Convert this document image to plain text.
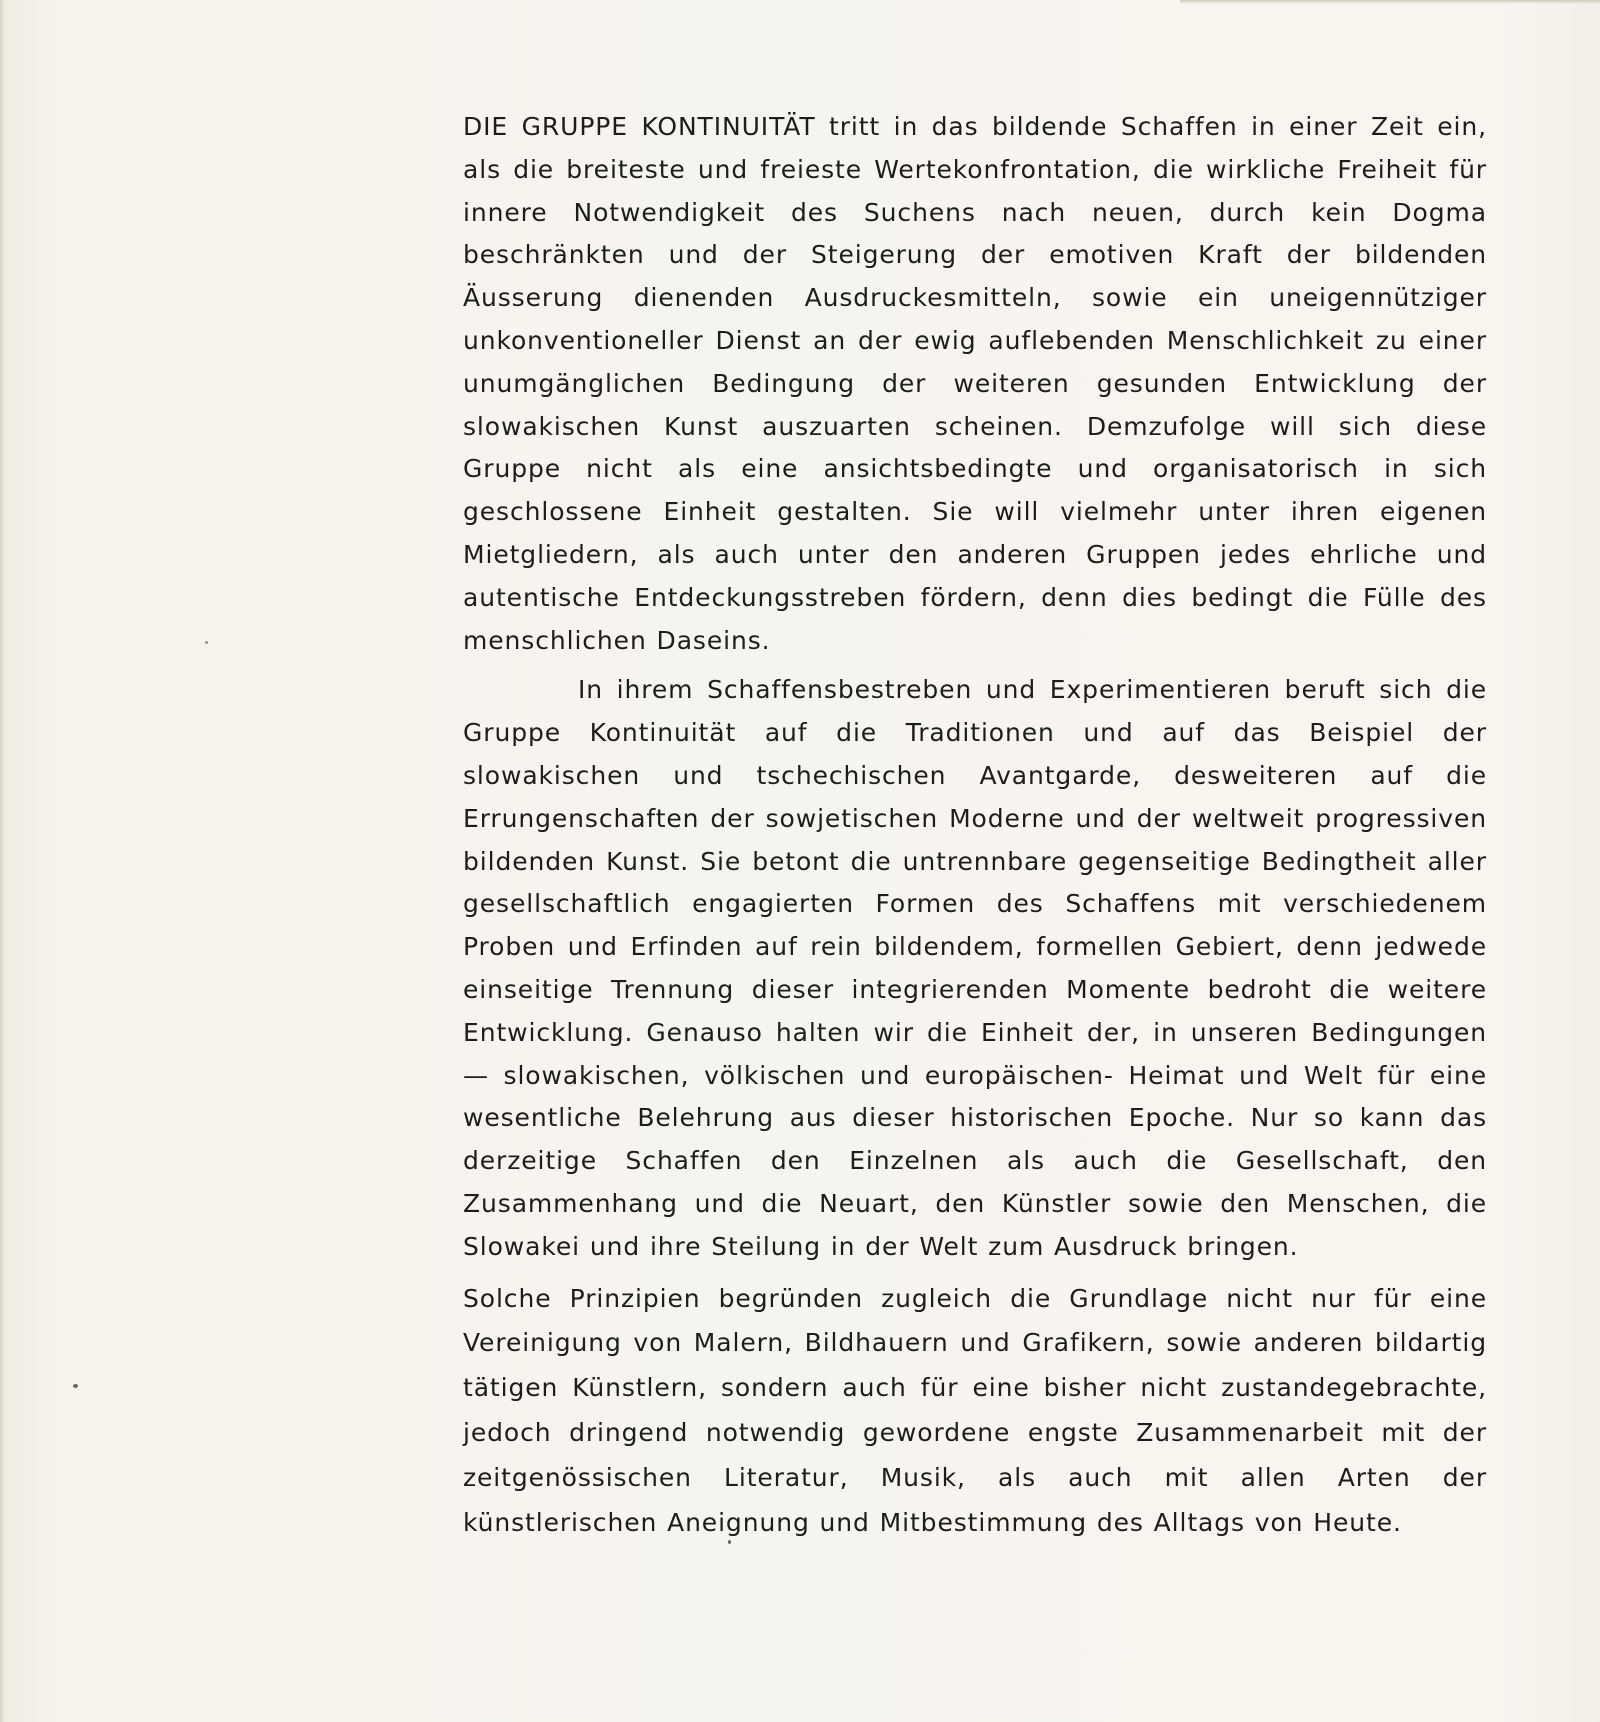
DIE GRUPPE KONTINUITÄT tritt in das bildende Schaffen in einer Zeit ein, als die breiteste und freieste Wertekonfrontation, die wirkliche Freiheit für innere Notwendigkeit des Suchens nach neuen, durch kein Dogma beschränkten und der Steigerung der emotiven Kraft der bildenden Äusserung dienenden Ausdruckesmitteln, sowie ein uneigennütziger unkonventioneller Dienst an der ewig auflebenden Menschlichkeit zu einer unumgänglichen Bedingung der weiteren gesunden Entwicklung der slowakischen Kunst auszuarten scheinen. Demzufolge will sich diese Gruppe nicht als eine ansichtsbedingte und organisatorisch in sich geschlossene Einheit gestalten. Sie will vielmehr unter ihren eigenen Mietgliedern, als auch unter den anderen Gruppen jedes ehrliche und autentische Entdeckungsstreben fördern, denn dies bedingt die Fülle des menschlichen Daseins.

In ihrem Schaffensbestreben und Experimentieren beruft sich die Gruppe Kontinuität auf die Traditionen und auf das Beispiel der slowakischen und tschechischen Avantgarde, desweiteren auf die Errungenschaften der sowjetischen Moderne und der weltweit progressiven bildenden Kunst. Sie betont die untrennbare gegenseitige Bedingtheit aller gesellschaftlich engagierten Formen des Schaffens mit verschiedenem Proben und Erfinden auf rein bildendem, formellen Gebiert, denn jedwede einseitige Trennung dieser integrierenden Momente bedroht die weitere Entwicklung. Genauso halten wir die Einheit der, in unseren Bedingungen — slowakischen, völkischen und europäischen- Heimat und Welt für eine wesentliche Belehrung aus dieser historischen Epoche. Nur so kann das derzeitige Schaffen den Einzelnen als auch die Gesellschaft, den Zusammenhang und die Neuart, den Künstler sowie den Menschen, die Slowakei und ihre Steilung in der Welt zum Ausdruck bringen.

Solche Prinzipien begründen zugleich die Grundlage nicht nur für eine Vereinigung von Malern, Bildhauern und Grafikern, sowie anderen bildartig tätigen Künstlern, sondern auch für eine bisher nicht zustandegebrachte, jedoch dringend notwendig gewordene engste Zusammenarbeit mit der zeitgenössischen Literatur, Musik, als auch mit allen Arten der künstlerischen Aneignung und Mitbestimmung des Alltags von Heute.
